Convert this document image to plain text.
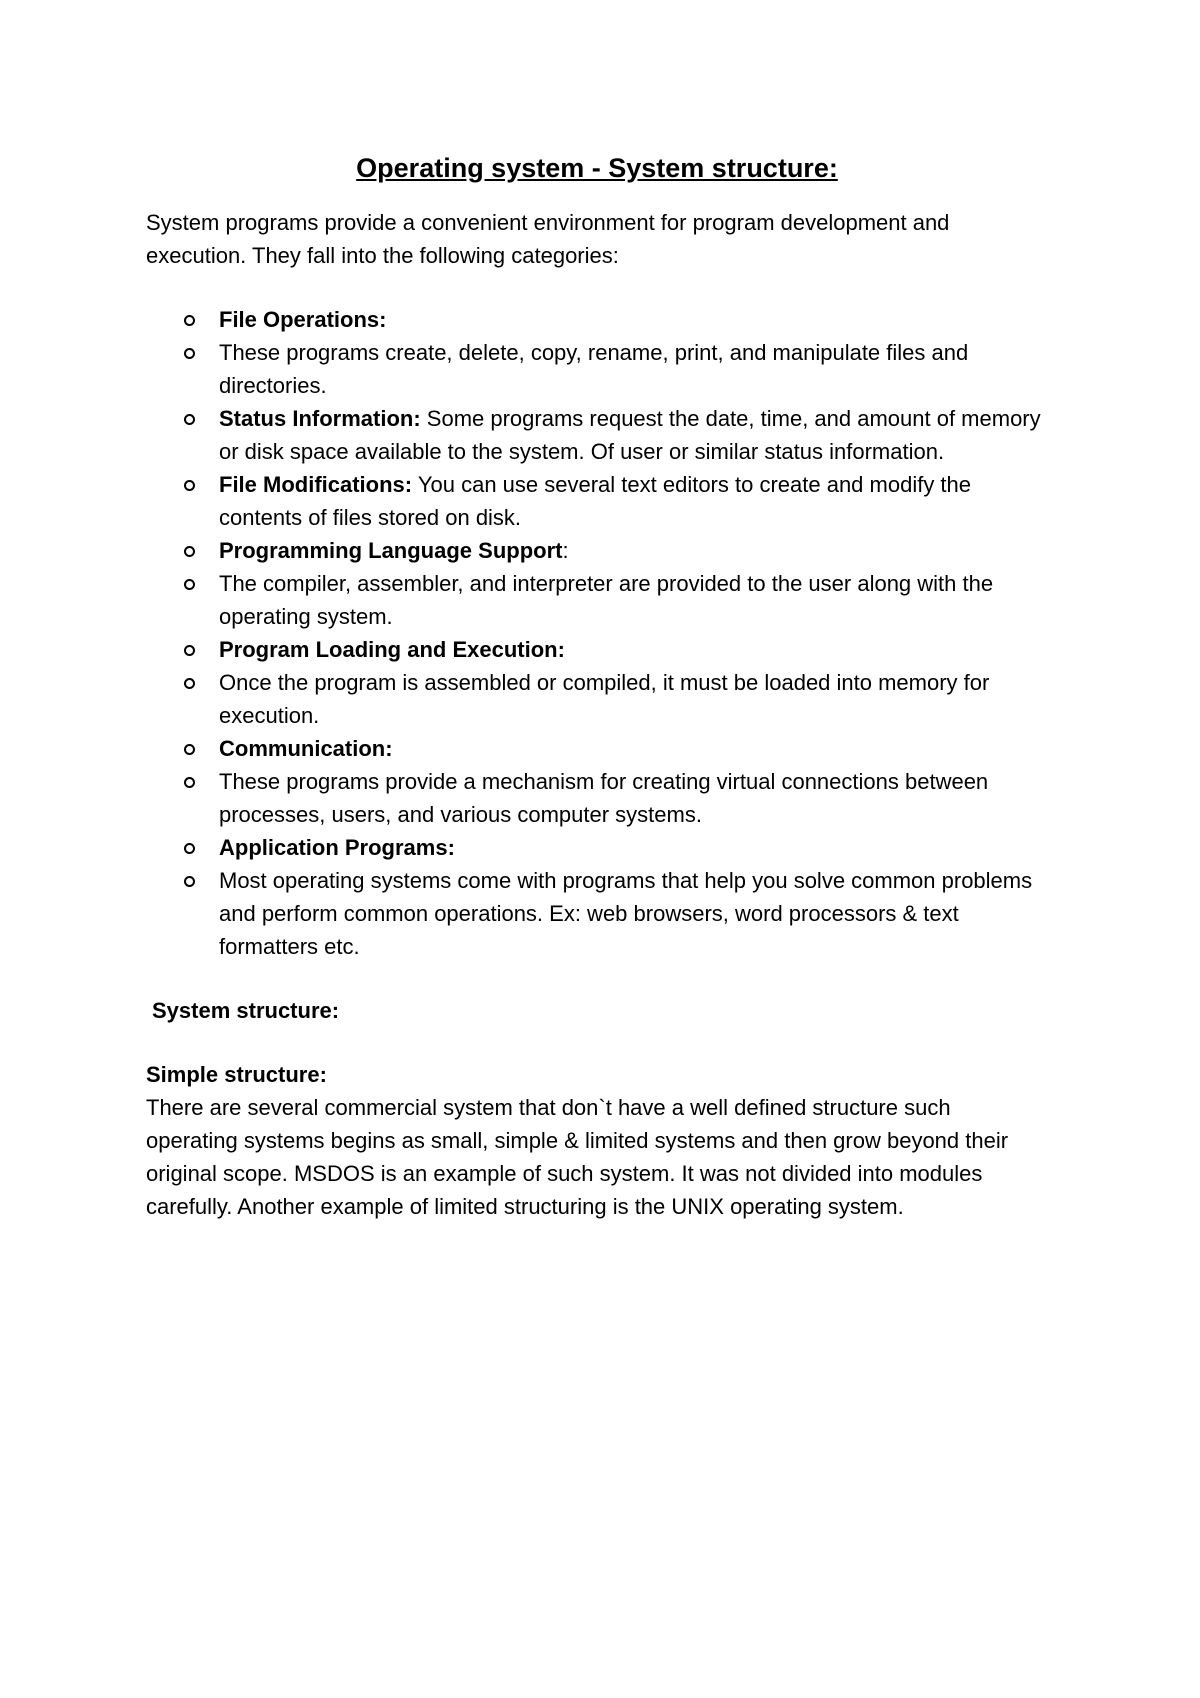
Operating system - System structure:

System programs provide a convenient environment for program development and execution. They fall into the following categories:

File Operations:
These programs create, delete, copy, rename, print, and manipulate files and directories.
Status Information: Some programs request the date, time, and amount of memory or disk space available to the system. Of user or similar status information.
File Modifications: You can use several text editors to create and modify the contents of files stored on disk.
Programming Language Support:
The compiler, assembler, and interpreter are provided to the user along with the operating system.
Program Loading and Execution:
Once the program is assembled or compiled, it must be loaded into memory for execution.
Communication:
These programs provide a mechanism for creating virtual connections between processes, users, and various computer systems.
Application Programs:
Most operating systems come with programs that help you solve common problems and perform common operations. Ex: web browsers, word processors & text formatters etc.
System structure:
Simple structure:

There are several commercial system that don`t have a well defined structure such operating systems begins as small, simple & limited systems and then grow beyond their original scope. MSDOS is an example of such system. It was not divided into modules carefully. Another example of limited structuring is the UNIX operating system.
